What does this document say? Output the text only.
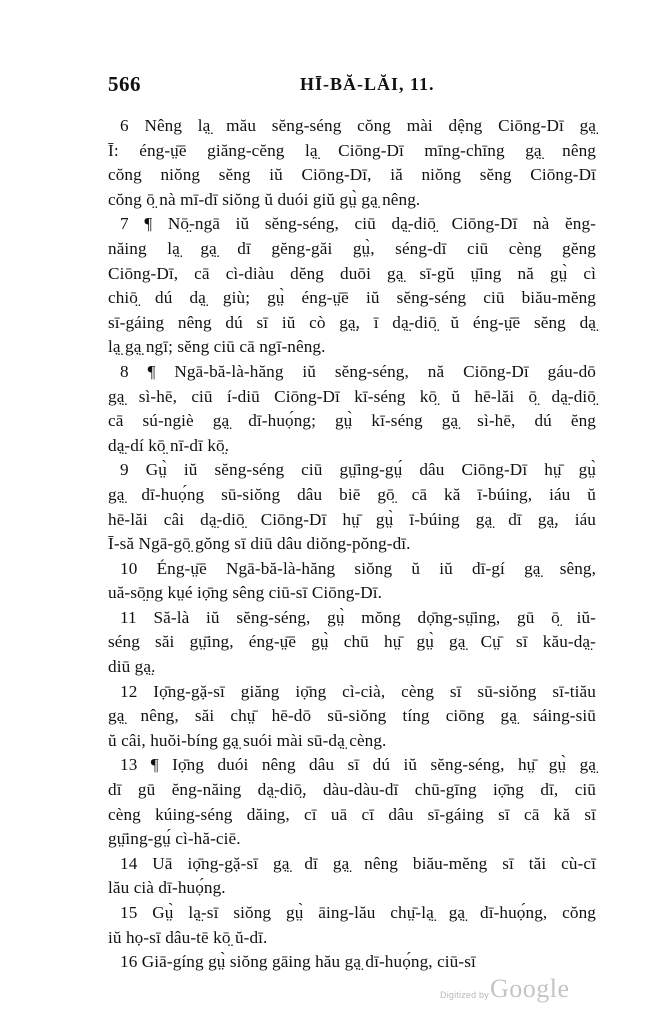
566	HĪ-BĂ-LĂI, 11.
6 Nêng lạ̤ mău sĕng-séng cŏng mài dệng Ciōng-Dī gạ̤
Ī: éng-ṳ̄ē giăng-cĕng lạ̤ Ciōng-Dī mīng-chīng gạ̤ nêng
cŏng niŏng sĕng iŭ Ciōng-Dī, iă niŏng sĕng Ciōng-Dī
cŏng ō̤ nà mī-dī siŏng ŭ duói giŭ gṳ̀ gạ̤ nêng.
7 ¶ Nō̤-ngā iŭ sĕng-séng, ciū dạ̤-diō̤ Ciōng-Dī nà ĕng-
năing lạ̤ gạ̤ dī gĕng-găi gṳ̀, séng-dī ciū cèng gĕng
Ciōng-Dī, cā cì-diàu dĕng duōi gạ̤ sī-gŭ ṳ̄ing nă gṳ̀ cì
chiō̤ dú dạ̤ giù; gṳ̀ éng-ṳ̄ē iŭ sĕng-séng ciū biău-mĕng
sī-gáing nêng dú sī iŭ cò gạ̤, ī dạ̤-diō̤ ŭ éng-ṳ̄ē sĕng dạ̤
lạ̤ gạ̤ ngī; sĕng ciū cā ngī-nêng.
8 ¶ Ngā-bă-là-hăng iŭ sĕng-séng, nă Ciōng-Dī gáu-dō
gạ̤ sì-hē, ciū í-diū Ciōng-Dī kī-séng kō̤ ŭ hē-lăi ō̤ dạ̤-diō̤
cā sú-ngiè gạ̤ dī-huọ́ng; gṳ̀ kī-séng gạ̤ sì-hē, dú ĕng
dạ̤-dí kō̤ nī-dī kō̤.
9 Gṳ̀ iŭ sĕng-séng ciū gṳ̄ing-gṳ́ dâu Ciōng-Dī hṳ̄ gṳ̀
gạ̤ dī-huọ́ng sū-siŏng dâu biē gō̤ cā kă ī-búing, iáu ŭ
hē-lăi câi dạ̤-diō̤ Ciōng-Dī hṳ̄ gṳ̀ ī-búing gạ̤ dī gạ̤, iáu
Ī-să Ngā-gō̤ gŏng sī diū dâu diŏng-pŏng-dī.
10 Éng-ṳ̄ē Ngā-bă-là-hăng siŏng ŭ iŭ dī-gí gạ̤ sêng,
uă-sō̤ng kṳé iọ̄ng sêng ciū-sī Ciōng-Dī.
11 Să-là iŭ sĕng-séng, gṳ̀ mŏng dọ̄ng-sṳ̄ing, gū ō̤ iŭ-
séng săi gṳ̄ing, éng-ṳ̄ē gṳ̀ chū hṳ̄ gṳ̀ gạ̤ Cṳ̄ sī kău-dạ̤-
diū gạ̤.
12 Iọ̄ng-gặ-sī giăng iọ̄ng cì-cià, cèng sī sū-siŏng sī-tiău
gạ̤ nêng, săi chṳ̄ hē-dō sū-siŏng tíng ciōng gạ̤ sáing-siū
ŭ câi, huŏi-bíng gạ̤ suói mài sū-dạ̤ cèng.
13 ¶ Iọ̄ng duói nêng dâu sī dú iŭ sĕng-séng, hṳ̄ gṳ̀ gạ̤
dī gū ĕng-năing dạ̤-diō̤, dàu-dàu-dī chū-gīng iọ̄ng dī, ciū
cèng kúing-séng dăing, cī uā cī dâu sī-gáing sī cā kă sī
gṳ̄ing-gṳ́ cì-hă-ciē.
14 Uā iọ̄ng-gặ-sī gạ̤ dī gạ̤ nêng biău-mĕng sī tăi cù-cī
lău cià dī-huọ́ng.
15 Gṳ̀ lạ̤-sī siŏng gṳ̀ āing-lău chṳ̄-lạ̤ gạ̤ dī-huọ́ng, cŏng
iŭ họ-sī dâu-tē kō̤ ŭ-dī.
16 Giā-gíng gṳ̀ siŏng gāing hău gạ̤ dī-huọ́ng, ciū-sī
Digitized by Google
